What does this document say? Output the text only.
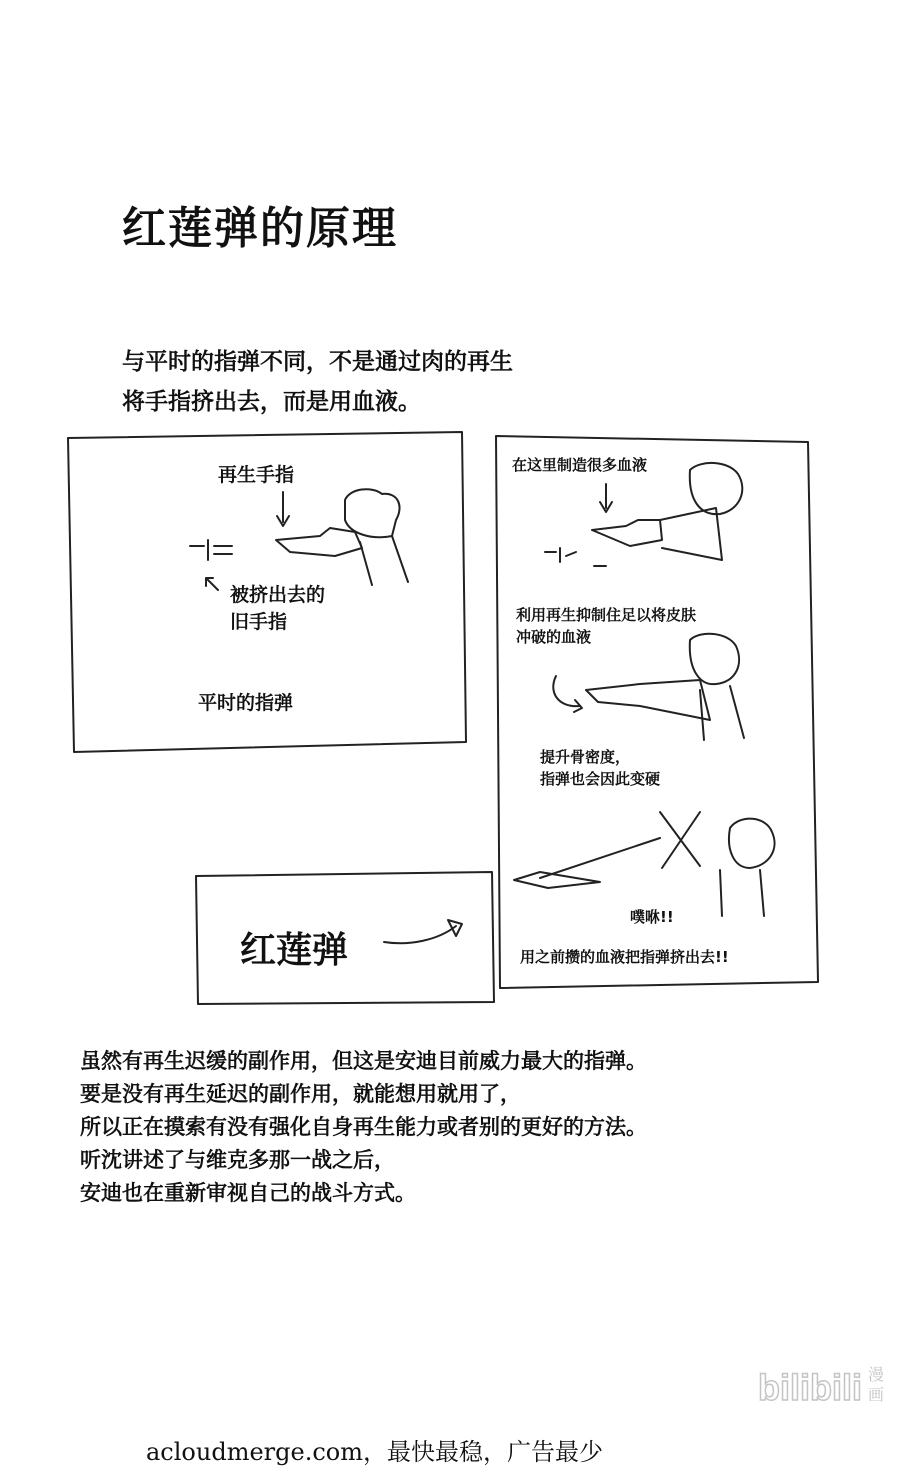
红莲弹的原理
与平时的指弹不同，不是通过肉的再生
将手指挤出去，而是用血液。
再生手指
被挤出去的
旧手指
平时的指弹
在这里制造很多血液
利用再生抑制住足以将皮肤
冲破的血液
提升骨密度，
指弹也会因此变硬
噗咻!!
用之前攒的血液把指弹挤出去!!
红莲弹
虽然有再生迟缓的副作用，但这是安迪目前威力最大的指弹。
要是没有再生延迟的副作用，就能想用就用了，
所以正在摸索有没有强化自身再生能力或者别的更好的方法。
听沈讲述了与维克多那一战之后，
安迪也在重新审视自己的战斗方式。
bilibili 漫
画
acloudmerge.com，最快最稳，广告最少
